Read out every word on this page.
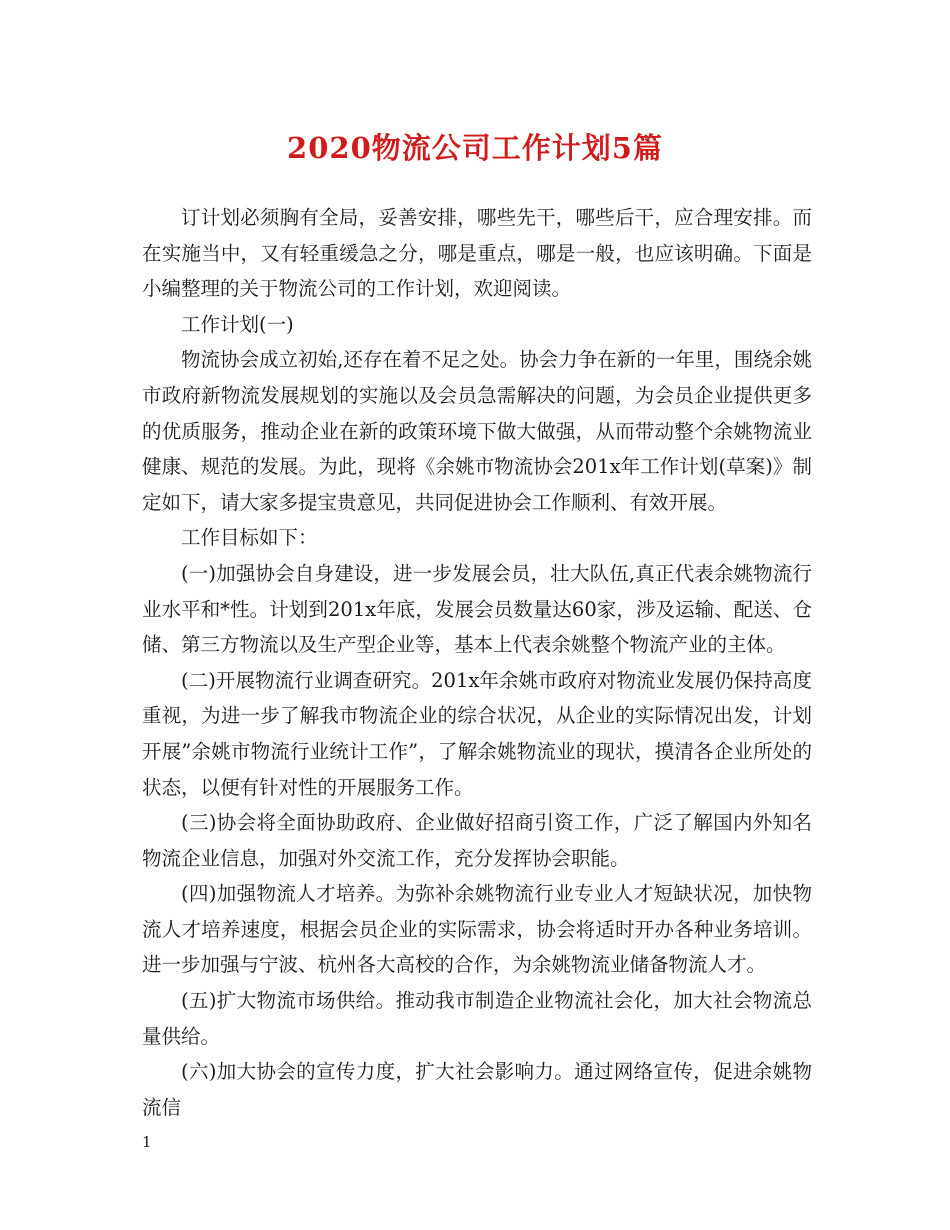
2020物流公司工作计划5篇

订计划必须胸有全局，妥善安排，哪些先干，哪些后干，应合理安排。而在实施当中，又有轻重缓急之分，哪是重点，哪是一般，也应该明确。下面是小编整理的关于物流公司的工作计划，欢迎阅读。

工作计划(一)

物流协会成立初始,还存在着不足之处。协会力争在新的一年里，围绕余姚市政府新物流发展规划的实施以及会员急需解决的问题，为会员企业提供更多的优质服务，推动企业在新的政策环境下做大做强，从而带动整个余姚物流业健康、规范的发展。为此，现将《余姚市物流协会201x年工作计划(草案)》制定如下，请大家多提宝贵意见，共同促进协会工作顺利、有效开展。

工作目标如下：

(一)加强协会自身建设，进一步发展会员，壮大队伍,真正代表余姚物流行业水平和*性。计划到201x年底，发展会员数量达60家，涉及运输、配送、仓储、第三方物流以及生产型企业等，基本上代表余姚整个物流产业的主体。

(二)开展物流行业调查研究。201x年余姚市政府对物流业发展仍保持高度重视，为进一步了解我市物流企业的综合状况，从企业的实际情况出发，计划开展”余姚市物流行业统计工作”，了解余姚物流业的现状，摸清各企业所处的状态，以便有针对性的开展服务工作。

(三)协会将全面协助政府、企业做好招商引资工作，广泛了解国内外知名物流企业信息，加强对外交流工作，充分发挥协会职能。

(四)加强物流人才培养。为弥补余姚物流行业专业人才短缺状况，加快物流人才培养速度，根据会员企业的实际需求，协会将适时开办各种业务培训。进一步加强与宁波、杭州各大高校的合作，为余姚物流业储备物流人才。

(五)扩大物流市场供给。推动我市制造企业物流社会化，加大社会物流总量供给。

(六)加大协会的宣传力度，扩大社会影响力。通过网络宣传，促进余姚物流信

1
